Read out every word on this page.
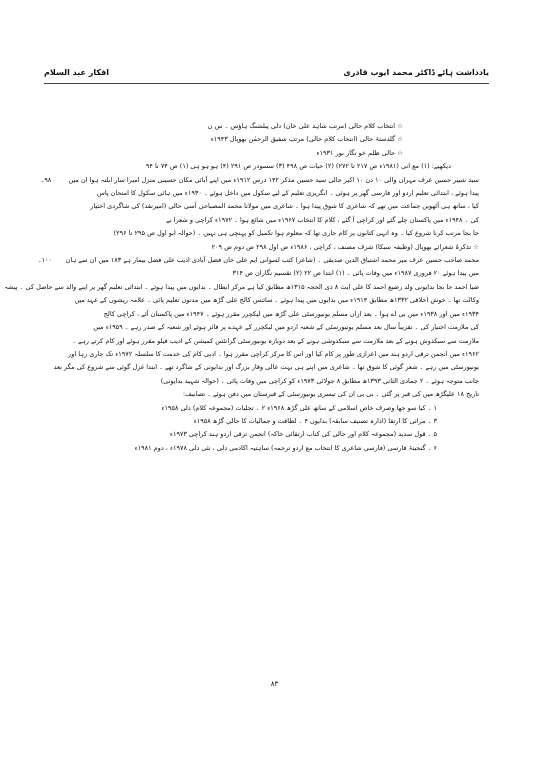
افکار عبد السلام	یادداشت ہائے ڈاکٹر محمد ایوب قادری
☆ انتخاب کلام حالی (مرتب شاہد علی خان) دلی پبلشنگ ہاؤس ۔ س ن
☆ گلدستۂ حالی (انتخاب کلام حالی) مرتب شفیق الرحمٰن بھوپال ۱۹۴۳ء
☆ حالی ظلم خو نگار بور ۱۹۳۱ء
دیکھیے: (۱) مع انی (۱۹۸۱ء ص ۲۱۷ تا ۲۷۲) (۲) حیات ص ۴۹۸ (۳) سسودر ص ۲۹۱ (۴) ہو ہو ہی (۱) ص ۷۴ تا ۹۴
سید شبیر حسین عرف مہراں والی ۱۰ دن ۱۰ اکبر حالی سید حسین مذکر ۱۴۲ درس ۱۹۱۲ء میں اپنے آبائی مکان حسینی منزل امبرا سار ابلتہ ہوا ان میں
پیدا ہوئے ، ابتدائی تعلیم اردو اور فارسی گھر پر ہوئی ۔ انگریزی تعلیم کے لیے سکول میں داخل ہوئے ۔ ۱۹۳۰ء میں ہائی سکول کا امتحان پاس
کیا ، ساتھ ہی آٹھویں جماعت میں تھے کہ شاعری کا شوق پیدا ہوا ۔ شاعری میں مولانا محمد المصباحی آسی حالی (امیرنقد) کی شاگردی اختیار
کی ۔ ۱۹۴۸ء میں پاکستان چلے گئے اور کراچی آ گئے ، کلام کا انتخاب ۱۹۶۷ء میں شائع ہوا ۔ ۱۹۷۲ء کراچی و شعرا نے
جا بجا مرتب کرنا شروع کیا ۔ وہ انہی کتابوں پر کام جاری تھا کہ معلوم ہوا تکمیل کو پہنچی ہی نہیں ۔ (حوالہ ابو اول ص ۲۹۵ تا ۲۹۶)
☆ تذکرۂ شعرائے بھوپال (وظیفہ سبکا) شرف مصنف ، کراچی ، ۱۹۸۶ء ص اول ۲۹۸ ص دوم ص ۲۰۹
۹۸۔
محمد صاحب حسین عرف میر محمد اشتیاق الدین صدیقی ۔ (شاعر) کتب لسوانی ایم علی خان فضل آبادی ادیب علی فضل بیمار ہے ۱۸۳ میں ان سے ہان
میں پیدا ہوئے ۲۰ فروری ۱۹۸۷ء میں وفات پائی ۔ (۱) ابتدا ص ۲۲ (۲) تقسیم نگاران ص ۳۱۴
۱۰۰۔
ضیا احمد جا بجا بدایونی ولد رضیع احمد کا علی ایت ۸ ذی الحجہ ۱۳۱۵ھ مطابق کیا ہے مرکز ابطال ۔ بدایوں میں پیدا ہوئے ۔ ابتدائی تعلیم گھر پر اپنے والد سے حاصل کی ۔ پیشہ
وکالت تھا ۔ خوش اخلاقی ۱۳۳۲ھ مطابق ۱۹۱۴ء میں بدایوں میں پیدا ہوئے ۔ سائنس کالج علی گڑھ میں مدتوں تعلیم پائی ۔ علامہ ریشوں کے عہد میں
۱۹۳۴ء میں اور ۱۹۳۸ء میں بی اے ہوا ۔ بعد ازاں مسلم یونیورسٹی علی گڑھ میں لیکچرر مقرر ہوئے ۔ ۱۹۴۷ء میں پاکستان آئے ، کراچی کالج
کی ملازمت اختیار کی ۔ تقریباً سال بعد مسلم یونیورسٹی کے شعبہ اردو میں لیکچرر کے عہدے پر فائز ہوئے اور شعبہ کے صدر رہے ۔ ۱۹۵۹ء میں
ملازمت سے سبکدوش ہونے کے بعد ملازمت سے سبکدوشی ہونے کے بعد دوبارہ یونیورسٹی گرانٹس کمیشن کے ادیب فیلو مقرر ہوئے اور کام کرتے رہے ۔
۱۹۶۲ء میں انجمن ترقی اردو ہند میں اعزازی طور پر کام کیا اور اس کا مرکز کراچی مقرر ہوا ۔ ادبی کام کی خدمت کا سلسلہ ۱۹۷۲ء تک جاری رہا اور
یونیورسٹی میں رہے ۔ شعر گوئی کا شوق تھا ۔ شاعری میں اپنے ہی بہت عالی وقار بزرگ اور بدایونی کے شاگرد تھے ۔ ابتدا غزل گوئی سے شروع کی مگر بعد
جانب متوجہ ہوئے ۔ ۲ جمادی الثانی ۱۳۹۳ھ مطابق ۸ جولائی ۱۹۷۳ء کو کراچی میں وفات پائی ۔ (حوالہ شہید بدایونی)
تاریخ ۱۸ علیگڑھ میں کی قبر پر گئی ۔ بی بی ان کی تیسری یونیورسٹی کے قبرستان میں دفن ہوئے ۔ تصانیف:
۱ ۔ کیا سو جھا وصرف خاص اسلامی کے ساتھ علی گڑھ ۱۹۶۸ء ۲ ۔ تجلیات (مجموعہ کلام) دلی ۱۹۵۸ء
۳ ۔ مراثی کا ارتقا (ادارہ تصنیف سابقہ) بدایوں ۴ ۔ لطافت و جمالیات کا حالی گڑھ ۱۹۵۸ء
۵ ۔ قول سدید (مجموعہ کلام اور حالی کی کتاب ارتقائی خاکہ) انجمن ترقی اردو ہند کراچی ۱۹۷۳ء
۶ ۔ گنجینۂ فارسی (فارسی شاعری کا انتخاب مع اردو ترجمہ) ساہتیہ اکادمی دلی ، نئی دلی ۱۹۷۸ء ، دوم ۱۹۸۱ء
۸۳
